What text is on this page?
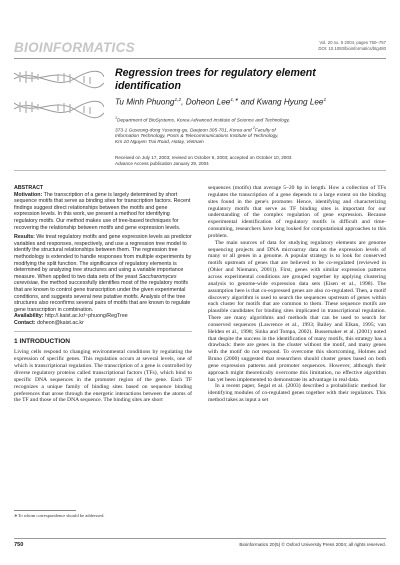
BIOINFORMATICS	Vol. 20 no. 5 2004, pages 750–757
DOI: 10.1093/bioinformatics/btg480
Regression trees for regulatory element
identification
Tu Minh Phuong$^{1,2}$, Doheon Lee$^{1,∗}$ and Kwang Hyung Lee$^1$
$^1$Department of BioSystems, Korea Advanced Institute of Science and Technology,
373-1 Guseong-dong Yuseong-gu, Daejeon 305-701, Korea and $^2$Faculty of
Information Technology, Posts & Telecommunications Institute of Technology,
Km 10 Nguyen Trai Road, Hatay, Vietnam
Received on July 17, 2003; revised on October 6, 2003; accepted on October 10, 2003
Advance Access publication January 29, 2004
ABSTRACT

Motivation: The transcription of a gene is largely determined by short sequence motifs that serve as binding sites for transcription factors. Recent findings suggest direct relationships between the motifs and gene expression levels. In this work, we present a method for identifying regulatory motifs. Our method makes use of tree-based techniques for recovering the relationship between motifs and gene expression levels.

Results: We treat regulatory motifs and gene expression levels as predictor variables and responses, respectively, and use a regression tree model to identify the structural relationships between them. The regression tree methodology is extended to handle responses from multiple experiments by modifying the split function. The significance of regulatory elements is determined by analyzing tree structures and using a variable importance measure. When applied to two data sets of the yeast Saccharomyces cerevisiae, the method successfully identifies most of the regulatory motifs that are known to control gene transcription under the given experimental conditions, and suggests several new putative motifs. Analysis of the tree structures also reconfirms several pairs of motifs that are known to regulate gene transcription in combination.

Availability: http://.kaist.ac.kr/~phuong/RegTree
Contact: doheon@kaist.ac.kr
1 INTRODUCTION

Living cells respond to changing environmental conditions by regulating the expression of specific genes. This regulation occurs at several levels, one of which is transcriptional regulation. The transcription of a gene is controlled by diverse regulatory proteins called transcriptional factors (TFs), which bind to specific DNA sequences in the promoter region of the gene. Each TF recognizes a unique family of binding sites based on sequence binding preferences that arose through the energetic interactions between the atoms of the TF and those of the DNA sequence. The binding sites are short

sequences (motifs) that average 5–20 bp in length. How a collection of TFs regulates the transcription of a gene depends to a large extent on the binding sites found in the gene's promoter. Hence, identifying and characterizing regulatory motifs that serve as TF binding sites is important for our understanding of the complex regulation of gene expression. Because experimental identification of regulatory motifs is difficult and time-consuming, researchers have long looked for computational approaches to this problem.

The main sources of data for studying regulatory elements are genome sequencing projects and DNA microarray data on the expression levels of many or all genes in a genome. A popular strategy is to look for conserved motifs upstream of genes that are believed to be co-regulated (reviewed in (Ohler and Niemann, 2001)). First, genes with similar expression patterns across experimental conditions are grouped together by applying clustering analysis to genome-wide expression data sets (Eisen et al., 1998). The assumption here is that co-expressed genes are also co-regulated. Then, a motif discovery algorithm is used to search the sequences upstream of genes within each cluster for motifs that are common to them. These sequence motifs are plausible candidates for binding sites implicated in transcriptional regulation. There are many algorithms and methods that can be used to search for conserved sequences (Lawrence et al., 1993; Bailey and Elkan, 1995; van Helden et al., 1998; Sinha and Tompa, 2002). Bussemaker et al. (2001) noted that despite the success in the identification of many motifs, this strategy has a drawback: there are genes in the cluster without the motif, and many genes with the motif do not respond. To overcome this shortcoming, Holmes and Bruno (2000) suggested that researchers should cluster genes based on both gene expression patterns and promoter sequences. However, although their approach might theoretically overcome this limitation, no effective algorithm has yet been implemented to demonstrate its advantage in real data.

In a recent paper, Segal et al. (2003) described a probabilistic method for identifying modules of co-regulated genes together with their regulators. This method takes as input a set

∗To whom correspondence should be addressed.
750	Bioinformatics 20(5) © Oxford University Press 2004; all rights reserved.
